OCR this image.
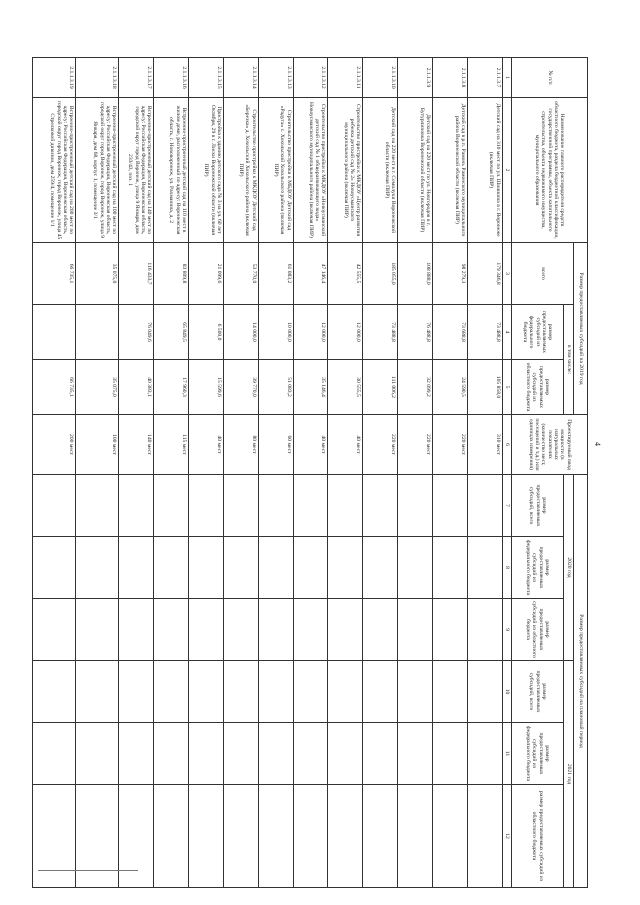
4
№ п/п	Наименование главного распорядителя средств областного бюджета, раздела бюджетной классификации, государственной программы, объекта капитального строительства, объекта недвижимого имущества, муниципального образования	Размер предоставляемых субсидий на 2019 год			Проектируемый ввод мощности (в натуральных показателях (количество мест, посещений и т.д.) или единицах измерения)	Размер предоставляемых субсидий на плановый период					
		всего	в том числе:			2020 год			2021 год		
			размер предоставляемых субсидий из федерального бюджета	размер предоставляемых субсидий из областного бюджета		размер предоставляемых субсидий, всего	размер предоставляемых субсидий из федерального бюджета	размер предоставляемых субсидий из областного бюджета	размер предоставляемых субсидий, всего	размер предоставляемых субсидий из федерального бюджета	размер предоставляемых субсидий из областного бюджета

1	2	3	4	5	6	7	8	9	10	11	12
2.1.1.3.7	Детский сад на 310 мест по ул. Шишкина в г. Воронеже (включая ПИР)	179 346,8	73 488,8	105 858,0	310 мест						
2.1.1.3.8	Детский сад в р.п. Рамонь Рамонского муниципального района Воронежской области (включая ПИР)	98 279,3	73 688,8	24 590,5	220 мест						
2.1.1.3.9	Детский сад на 220 мест по ул. Новгородов в г. Бутурлиновка Воронежской области (включая ПИР)	108 888,0	76 488,8	32 099,2	220 мест						
2.1.1.3.10	Детский сад на 220 мест в г. Семилуки Воронежской области (включая ПИР)	185 055,0	73 488,8	111 006,2	220 мест						
2.1.1.3.11	Строительство пристройки к МКДОУ «Центр развития ребенка детский сад № 2» Новоусманского муниципального района (включая ПИР)	42 555,5	12 000,0	30 555,5	40 мест						
2.1.1.3.12	Строительство пристройки к МКДОУ «Новоусманский детский сад № 1 общеразвивающего вида» Новоусманского муниципального района (включая ПИР)	47 146,4	12 000,0	35 146,4	40 мест						
2.1.1.3.13	Строительство пристройки к МБДОУ Детский сад «Радуга» с. Хохольский Хохольского района (включая ПИР)	61 083,2	10 000,0	51 083,2	60 мест						
2.1.1.3.14	Строительство пристройки к МКДОУ Детский сад «Березка» д. Хохольский Хохольского района (включая ПИР)	53 770,0	14 000,0	39 770,0	80 мест						
2.1.1.3.15	Пристройка к зданию детского сада № 3 на ул. 60 лет Октября, 29 в г. Лиски Воронежской области (включая ПИР)	21 099,6	6 500,0	15 599,6	40 мест						
2.1.1.3.16	Встроенно-пристроенный детский сад на 110 мест в жилом доме, расположенный по адресу: Воронежская область, г. Нововоронеж, ул. Рахманина, д. 2	83 809,8	65 849,5	17 960,3	115 мест						
2.1.1.3.17	Встроенно-пристроенный детский сад на 140 мест по адресу: Российская Федерация, Воронежская область, городской округ город Воронеж, улица 9 Января, дом 233/43, поз. 1	116 433,7	76 049,6	40 383,1	140 мест						
2.1.1.3.18	Встроенно-пристроенный детский сад на 100 мест по адресу: Российская Федерация, Воронежская область, городской округ город Воронеж, город Воронеж, улица 9 Января, дом 68, корпус 1, помещение 3/1	35 075,0		35 075,0	100 мест						
2.1.1.3.19	Встроенно-пристроенный детский сад на 200 мест по адресу: Российская Федерация, Воронежская область, городской округ город Воронеж, город Воронеж, улица 45 Стрелковой дивизии, дом 259/4, помещение 1/1	66 735,1		66 735,1	200 мест						
